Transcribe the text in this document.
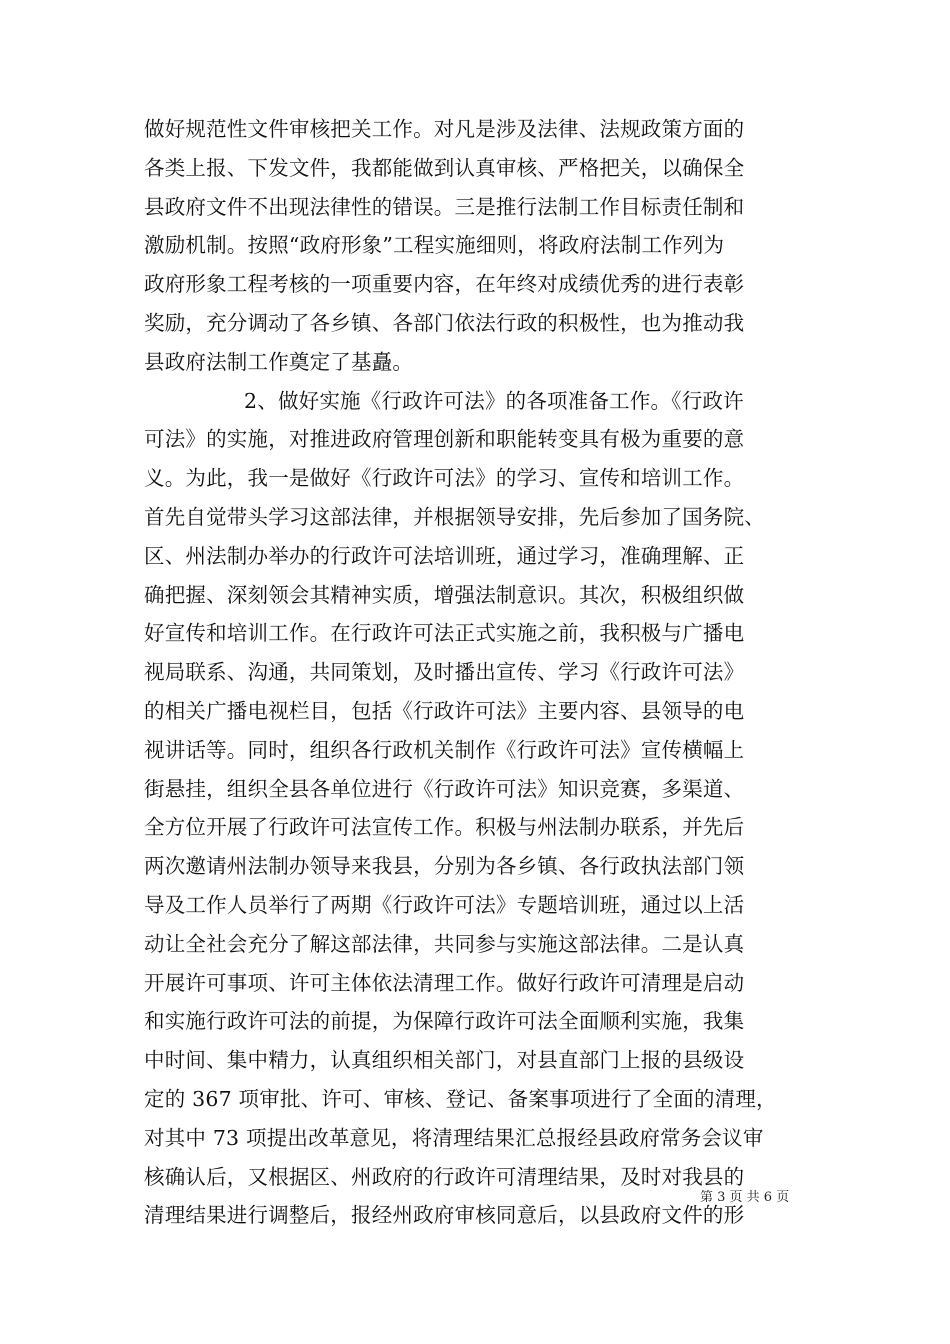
做好规范性文件审核把关工作。对凡是涉及法律、法规政策方面的
各类上报、下发文件，我都能做到认真审核、严格把关，以确保全
县政府文件不出现法律性的错误。三是推行法制工作目标责任制和
激励机制。按照“政府形象”工程实施细则，将政府法制工作列为
政府形象工程考核的一项重要内容，在年终对成绩优秀的进行表彰
奖励，充分调动了各乡镇、各部门依法行政的积极性，也为推动我
县政府法制工作奠定了基矗。
2、做好实施《行政许可法》的各项准备工作。《行政许
可法》的实施，对推进政府管理创新和职能转变具有极为重要的意
义。为此，我一是做好《行政许可法》的学习、宣传和培训工作。
首先自觉带头学习这部法律，并根据领导安排，先后参加了国务院、
区、州法制办举办的行政许可法培训班，通过学习，准确理解、正
确把握、深刻领会其精神实质，增强法制意识。其次，积极组织做
好宣传和培训工作。在行政许可法正式实施之前，我积极与广播电
视局联系、沟通，共同策划，及时播出宣传、学习《行政许可法》
的相关广播电视栏目，包括《行政许可法》主要内容、县领导的电
视讲话等。同时，组织各行政机关制作《行政许可法》宣传横幅上
街悬挂，组织全县各单位进行《行政许可法》知识竞赛，多渠道、
全方位开展了行政许可法宣传工作。积极与州法制办联系，并先后
两次邀请州法制办领导来我县，分别为各乡镇、各行政执法部门领
导及工作人员举行了两期《行政许可法》专题培训班，通过以上活
动让全社会充分了解这部法律，共同参与实施这部法律。二是认真
开展许可事项、许可主体依法清理工作。做好行政许可清理是启动
和实施行政许可法的前提，为保障行政许可法全面顺利实施，我集
中时间、集中精力，认真组织相关部门，对县直部门上报的县级设
定的 367 项审批、许可、审核、登记、备案事项进行了全面的清理，
对其中 73 项提出改革意见，将清理结果汇总报经县政府常务会议审
核确认后，又根据区、州政府的行政许可清理结果，及时对我县的
清理结果进行调整后，报经州政府审核同意后，以县政府文件的形
第 3 页 共 6 页
